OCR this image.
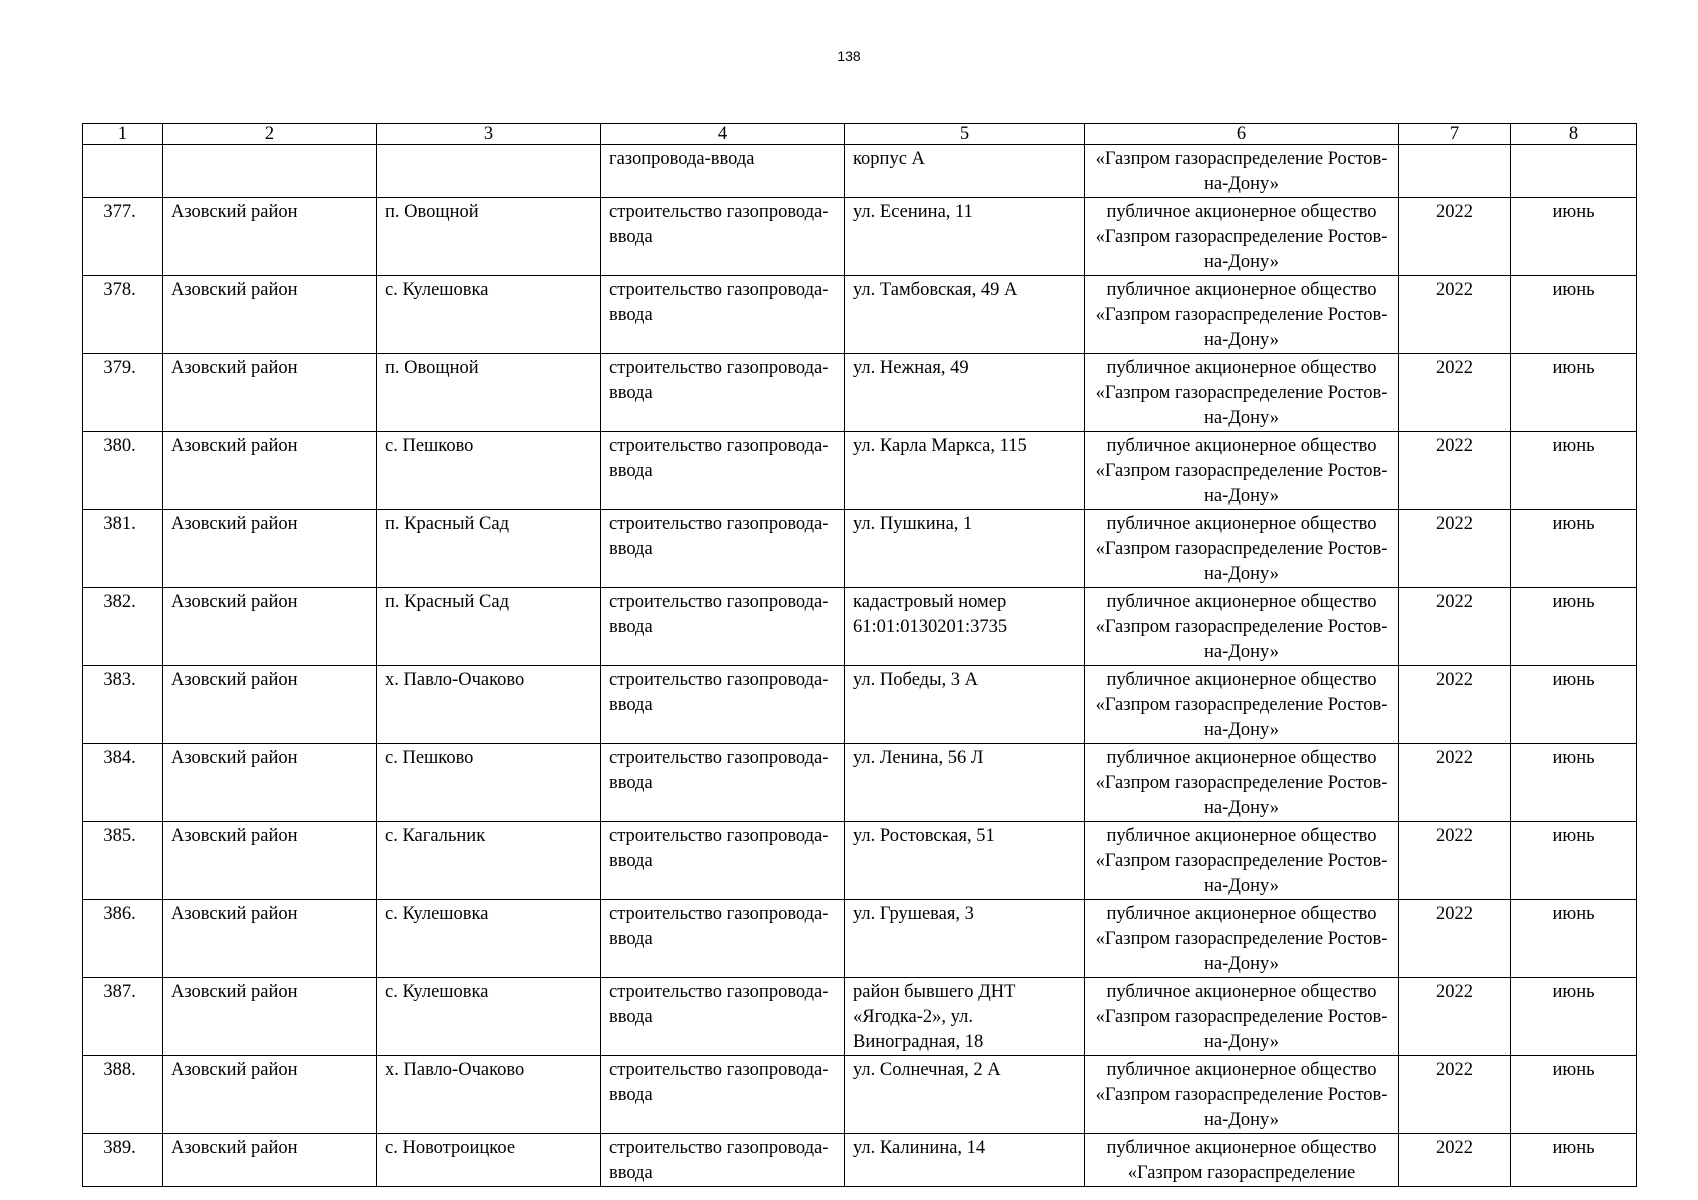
138
1	2	3	4	5	6	7	8
			газопровода-ввода	корпус А	«Газпром газораспределение Ростов-на-Дону»		
377.	Азовский район	п. Овощной	строительство газопровода-ввода	ул. Есенина, 11	публичное акционерное общество «Газпром газораспределение Ростов-на-Дону»	2022	июнь
378.	Азовский район	с. Кулешовка	строительство газопровода-ввода	ул. Тамбовская, 49 А	публичное акционерное общество «Газпром газораспределение Ростов-на-Дону»	2022	июнь
379.	Азовский район	п. Овощной	строительство газопровода-ввода	ул. Нежная, 49	публичное акционерное общество «Газпром газораспределение Ростов-на-Дону»	2022	июнь
380.	Азовский район	с. Пешково	строительство газопровода-ввода	ул. Карла Маркса, 115	публичное акционерное общество «Газпром газораспределение Ростов-на-Дону»	2022	июнь
381.	Азовский район	п. Красный Сад	строительство газопровода-ввода	ул. Пушкина, 1	публичное акционерное общество «Газпром газораспределение Ростов-на-Дону»	2022	июнь
382.	Азовский район	п. Красный Сад	строительство газопровода-ввода	кадастровый номер 61:01:0130201:3735	публичное акционерное общество «Газпром газораспределение Ростов-на-Дону»	2022	июнь
383.	Азовский район	х. Павло-Очаково	строительство газопровода-ввода	ул. Победы, 3 А	публичное акционерное общество «Газпром газораспределение Ростов-на-Дону»	2022	июнь
384.	Азовский район	с. Пешково	строительство газопровода-ввода	ул. Ленина, 56 Л	публичное акционерное общество «Газпром газораспределение Ростов-на-Дону»	2022	июнь
385.	Азовский район	с. Кагальник	строительство газопровода-ввода	ул. Ростовская, 51	публичное акционерное общество «Газпром газораспределение Ростов-на-Дону»	2022	июнь
386.	Азовский район	с. Кулешовка	строительство газопровода-ввода	ул. Грушевая, 3	публичное акционерное общество «Газпром газораспределение Ростов-на-Дону»	2022	июнь
387.	Азовский район	с. Кулешовка	строительство газопровода-ввода	район бывшего ДНТ «Ягодка-2», ул. Виноградная, 18	публичное акционерное общество «Газпром газораспределение Ростов-на-Дону»	2022	июнь
388.	Азовский район	х. Павло-Очаково	строительство газопровода-ввода	ул. Солнечная, 2 А	публичное акционерное общество «Газпром газораспределение Ростов-на-Дону»	2022	июнь
389.	Азовский район	с. Новотроицкое	строительство газопровода-ввода	ул. Калинина, 14	публичное акционерное общество «Газпром газораспределение	2022	июнь
